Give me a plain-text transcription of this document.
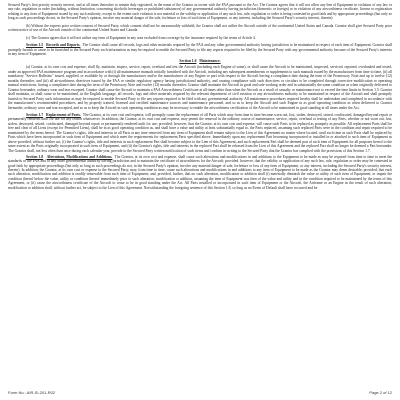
Secured Party's first priority security interest, and at all times thereafter to remain duly registered, in the name of the Grantor as owner with the FAA pursuant to the Act. The Grantor agrees that it will not allow any lien of Equipment in violation of any law or any rule, regulation or order (including, without limitation, concerning alcoholic beverages or prohibited substances) of any governmental authority having jurisdiction (domestic or foreign) or in violation of any airworthiness certificate, license or registration relating to any item of Equipment issued by any such authority, except to the extent such violation is not material or the validity or application of any such law, rule, regulation or order is being contested in good faith and by appropriate proceedings (but only so long as such proceedings do not, in the Secured Party's opinion, involve any material danger of the sale, forfeiture or loss of such item of Equipment, or any interest, including the Secured Party's security interest, therein).

(b) Without the express prior written consent of Secured Party, which consent shall not be unreasonably withheld, the Grantor shall not utilize the Aircraft outside of the continental United States and Canada. Grantor shall give Secured Party prior written notice of use of the Aircraft outside of the continental United States and Canada.

(c) The Grantor agrees that it will not utilize any item of Equipment in any area excluded from coverage by the insurance required by the terms of Article 4.

Section 1.5 Records and Reports. The Grantor shall cause all records, logs and other materials required by the FAA and any other governmental authority having jurisdiction to be maintained in respect of each item of Equipment. Grantor shall promptly furnish or cause to be furnished to the Secured Party such information as may be required to enable the Secured Party to file any reports required to be filed by the Secured Party with any governmental authority because of the Secured Party's interests in any item of Equipment.

Section 1.6 Maintenance.

(a) Grantor, at its own cost and expense, shall fly, maintain, inspect, service, repair, overhaul and test the Aircraft (including each Engine of same), or shall cause the Aircraft to be maintained, inspected, serviced, repaired, overhauled and tested, under an approved FAA maintenance program and in accordance with (i) all maintenance manuals initially furnished with the Aircraft, including any subsequent amendments or supplements to such manuals issued by the manufacturer from time to time, (ii) all mandatory "Service Bulletins" issued, supplied, or available by or through the manufacturer and/or the manufacturer of any Engine or part with respect to the Aircraft having a compliance date during the term of the Promissory Note and up to twelve (12) months thereafter, and (iii) all airworthiness directives issued by the FAA or similar regulatory agency having jurisdictional authority, and causing compliance with such directives or circulars to be completed through corrective modification or operating manual restrictions, having a compliance date during the term of the Promissory Note and twelve (12) months thereafter. Grantor shall maintain the Aircraft in good and safe working order and in substantially the same condition as when originally delivered to Grantor hereunder, ordinary wear and tear excepted. Grantor shall cause the Aircraft to maintain a FAA Airworthiness Certificate at all times other than when the Aircraft as a result of casualty or maintenance not to exceed the time limits in Section 1.5. Grantor shall maintain, or shall cause to be maintained, in the English language, all records, logs and other materials required by the relevant department of civil aviation or any airworthiness authority to be maintained in respect of the Aircraft and shall promptly furnish to Secured Party such information as may be required to enable Secured Party to file any reports required to be filed with any governmental authority. All maintenance procedures required hereby shall be undertaken and completed in accordance with the manufacturer's recommended procedures, and by properly trained, licensed and certified maintenance sources and maintenance personnel, and so as to keep the Aircraft and such Engine in as good operating condition as when delivered to Grantor hereunder, ordinary wear and tear excepted, and so as to keep the Aircraft in such operating condition as may be necessary to enable the airworthiness certification of the Aircraft to be maintained in good standing at all times under the Act.

Section 1.7 Replacement of Parts. The Grantor, at its own cost and expense, will promptly cause the replacement of all Parts which may from time to time become worn out, lost, stolen, destroyed, seized, confiscated, damaged beyond repair or permanently rendered unfit for use for any reason whatsoever. In addition, the Grantor, at its own cost and expense, may permit the removal in the ordinary course of maintenance, service, repair, overhaul or testing of any Parts, whether or not worn out, lost, stolen, destroyed, seized, confiscated, damaged beyond repair or permanently rendered unfit for use; provided, however, that the Grantor, at its own cost and expense, will cause such Parts to be replaced as promptly as possible. All replacement Parts shall be free and clear of all Liens (except for Permitted Liens), shall be in as good operating condition as, and shall have a value and utility at least substantially equal to, the Parts replaced, assuming such replaced Parts were in the condition and repair required to be maintained by the terms hereof. The Grantor's rights, title and interests in all Parts at any time removed from any item of Equipment shall remain subject to the Lien of this Agreement no matter where located, until such time as such Parts shall be replaced by Parts which have been incorporated in such item of Equipment and which meet the requirements for replacement Parts specified above. Immediately upon any replacement Part becoming incorporated or installed in or attached to such item of Equipment as above provided, without further act, (i) the Grantor's rights, title and interests in such replacement Part shall become subject to the Lien of this Agreement, and such replacement Part shall be deemed part of such item of Equipment for all purposes hereof to the same extent as the Parts originally incorporated in such item of Equipment, and (ii) the Grantor's rights, title and interests in the replaced Part shall be released from the Lien of this Agreement and the replaced Part shall no longer be deemed a Part hereunder. The Grantor shall, not less often than once during each calendar year, provide to the Secured Party written notification of such items and confirm in writing to the Secured Party that the Grantor has complied with the provisions of this Section 1.7.

Section 1.8 Alterations, Modifications and Additions. The Grantor, at its own cost and expense, shall cause such alterations and modifications in and additions to the Equipment to be made as may be required from time to time to meet the standards of the FAA and of any other governmental authority having jurisdiction and to maintain the certificate of airworthiness for the Aircraft; provided, however, that the validity or application of any such law, rule, regulation or order may be contested in good faith by appropriate proceedings (but only so long as such proceedings do not, in the Secured Party's opinion, involve any material danger of sale, forfeiture or loss of any item of Equipment, or any interest, including the Secured Party's security interest, therein). In addition, the Grantor, at its own cost or expense to the Secured Party, may, from time to time, cause such alterations and modifications in and additions to any item of Equipment to be made as the Grantor may deem desirable; provided, that each such alteration, modification and addition is readily removable from such item of Equipment; and, provided, further, that no such alteration, modification or addition shall (i) materially diminish the value or utility of such item of Equipment, or impair the condition thereof below the value, utility or condition thereof immediately prior to such alteration, modification or addition, assuming the item of Equipment was then of the value and utility and in the condition required to be maintained by the terms of this Agreement, or (ii) cause the airworthiness certificate of the Aircraft to cease to be in good standing under the Act. All Parts installed or incorporated in such item of Equipment or the Aircraft, the Airframe or an Engine as the result of such alteration, modification or addition shall, without further act, be subject to the Lien of this Agreement. Notwithstanding the foregoing sentence of this Section 1.8, so long as no Event of Default shall have occurred and be

Form No.: AIR-SI-201-R02	Page 2 of 12
